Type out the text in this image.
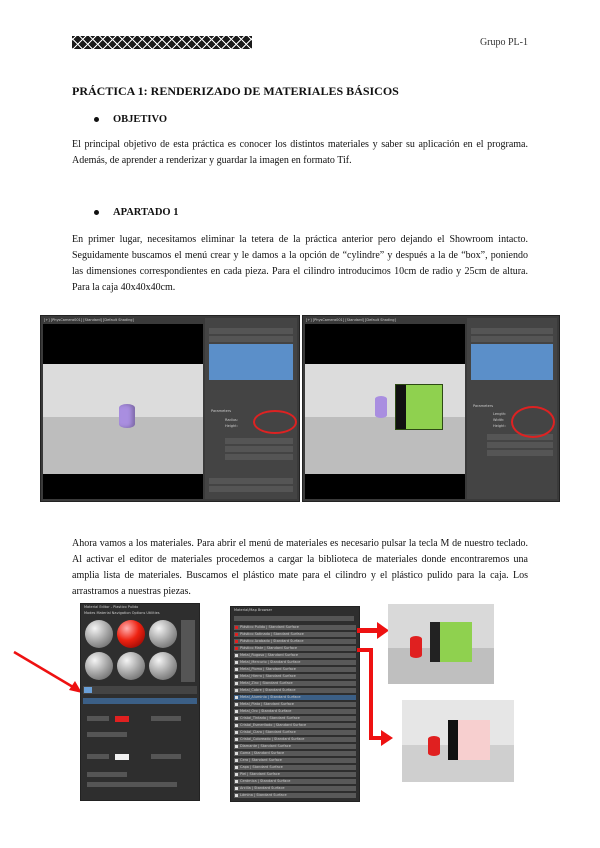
Grupo PL-1
PRÁCTICA 1: RENDERIZADO DE MATERIALES BÁSICOS
OBJETIVO
El principal objetivo de esta práctica es conocer los distintos materiales y saber su aplicación en el programa. Además, de aprender a renderizar y guardar la imagen en formato Tif.
APARTADO 1
En primer lugar, necesitamos eliminar la tetera de la práctica anterior pero dejando el Showroom intacto. Seguidamente buscamos el menú crear y le damos a la opción de “cylindre” y después a la de “box”, poniendo las dimensiones correspondientes en cada pieza. Para el cilindro introducimos 10cm de radio y 25cm de altura. Para la caja 40x40x40cm.
[+] [PhysCamera001] [Standard] [Default Shading]
Parameters
Radius:
Height:
[+] [PhysCamera001] [Standard] [Default Shading]
Parameters
Length:
Width:
Height:
Ahora vamos a los materiales. Para abrir el menú de materiales es necesario pulsar la tecla M de nuestro teclado. Al activar el editor de materiales procedemos a cargar la biblioteca de materiales donde encontraremos una amplia lista de materiales. Buscamos el plástico mate para el cilindro y el plástico pulido para la caja. Los arrastramos a nuestras piezas.
Material Editor - Plastico Pulido
Modes Material Navigation Options Utilities
Material/Map Browser
Plástico Pulido | Standard Surface
Plástico Satinado | Standard Surface
Plástico Acabado | Standard Surface
Plástico Mate | Standard Surface
Metal_Rugoso | Standard Surface
Metal_Mercurio | Standard Surface
Metal_Plomo | Standard Surface
Metal_Hierro | Standard Surface
Metal_Zinc | Standard Surface
Metal_Cobre | Standard Surface
Metal_Aluminio | Standard Surface
Metal_Plata | Standard Surface
Metal_Oro | Standard Surface
Cristal_Tintado | Standard Surface
Cristal_Esmerilado | Standard Surface
Cristal_Claro | Standard Surface
Cristal_Coloreado | Standard Surface
Diamante | Standard Surface
Goma | Standard Surface
Cera | Standard Surface
Capa | Standard Surface
Piel | Standard Surface
Cerámica | Standard Surface
Arcilla | Standard Surface
Lámina | Standard Surface
